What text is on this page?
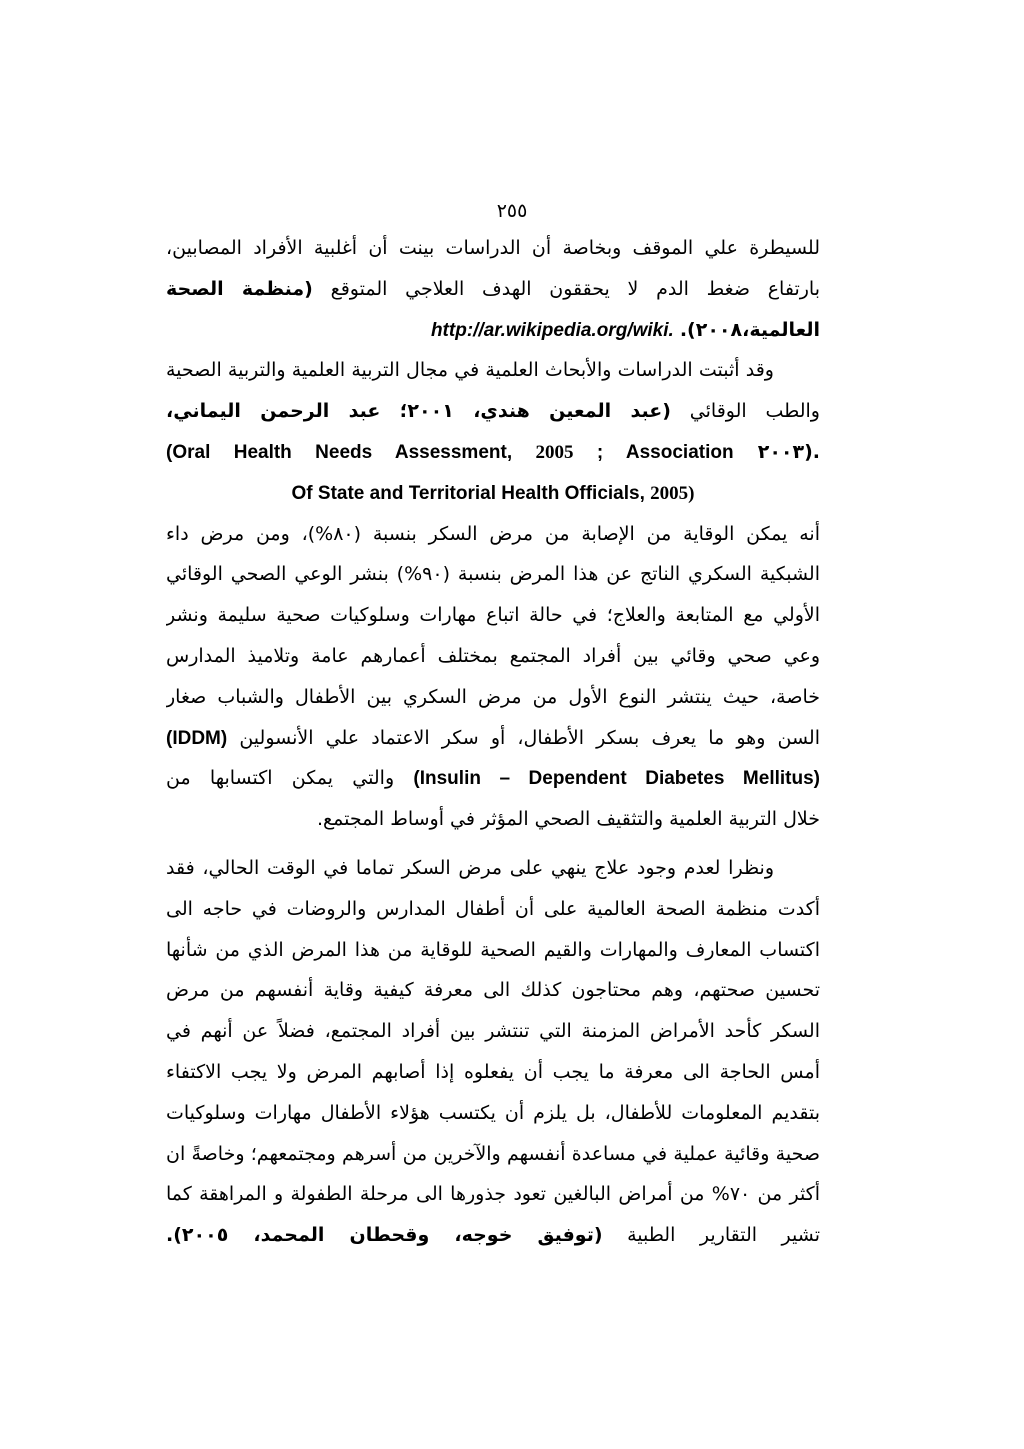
٢٥٥
للسيطرة علي الموقف وبخاصة أن الدراسات بينت أن أغلبية الأفراد المصابين،
بارتفاع ضغط الدم لا يحققون الهدف العلاجي المتوقع (منظمة الصحة
العالمية،٢٠٠٨). http://ar.wikipedia.org/wiki.
وقد أثبتت الدراسات والأبحاث العلمية في مجال التربية العلمية والتربية الصحية
والطب الوقائي (عبد المعين هندي، ٢٠٠١؛ عبد الرحمن اليماني،
.(٢٠٠٣ (Oral Health Needs Assessment, 2005 ; Association
Of State and Territorial Health Officials, 2005)
أنه يمكن الوقاية من الإصابة من مرض السكر بنسبة (٨٠%)، ومن مرض داء
الشبكية السكري الناتج عن هذا المرض بنسبة (٩٠%) بنشر الوعي الصحي الوقائي
الأولي مع المتابعة والعلاج؛ في حالة اتباع مهارات وسلوكيات صحية سليمة ونشر
وعي صحي وقائي بين أفراد المجتمع بمختلف أعمارهم عامة وتلاميذ المدارس
خاصة، حيث ينتشر النوع الأول من مرض السكري بين الأطفال والشباب صغار
السن وهو ما يعرف بسكر الأطفال، أو سكر الاعتماد علي الأنسولين (IDDM)
(Insulin – Dependent Diabetes Mellitus) والتي يمكن اكتسابها من
خلال التربية العلمية والتثقيف الصحي المؤثر في أوساط المجتمع.
ونظرا لعدم وجود علاج ينهي على مرض السكر تماما في الوقت الحالي، فقد
أكدت منظمة الصحة العالمية على أن أطفال المدارس والروضات في حاجه الى
اكتساب المعارف والمهارات والقيم الصحية للوقاية من هذا المرض الذي من شأنها
تحسين صحتهم، وهم محتاجون كذلك الى معرفة كيفية وقاية أنفسهم من مرض
السكر كأحد الأمراض المزمنة التي تنتشر بين أفراد المجتمع، فضلاً عن أنهم في
أمس الحاجة الى معرفة ما يجب أن يفعلوه إذا أصابهم المرض ولا يجب الاكتفاء
بتقديم المعلومات للأطفال، بل يلزم أن يكتسب هؤلاء الأطفال مهارات وسلوكيات
صحية وقائية عملية في مساعدة أنفسهم والآخرين من أسرهم ومجتمعهم؛ وخاصةً ان
أكثر من ٧٠% من أمراض البالغين تعود جذورها الى مرحلة الطفولة و المراهقة كما
تشير التقارير الطبية (توفيق خوجه، وقحطان المحمد، ٢٠٠٥).
